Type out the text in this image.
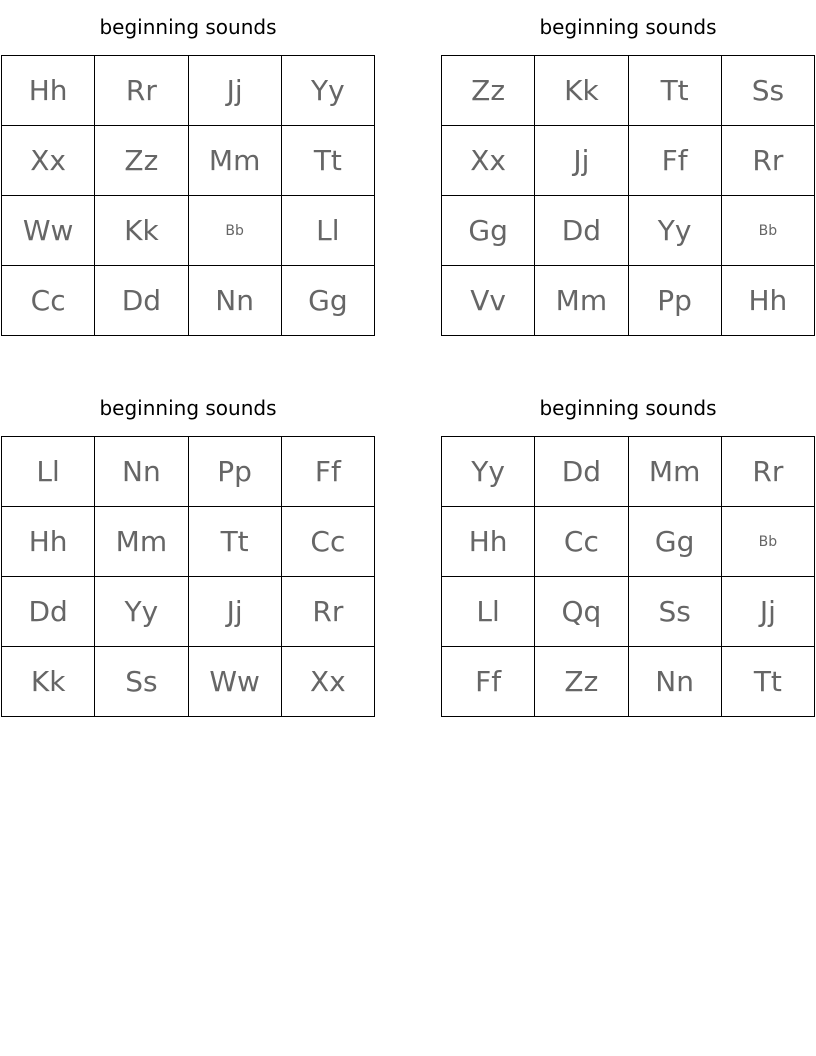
beginning sounds
Hh	Rr	Jj	Yy
Xx	Zz	Mm	Tt
Ww	Kk	Bb	Ll
Cc	Dd	Nn	Gg
beginning sounds
Zz	Kk	Tt	Ss
Xx	Jj	Ff	Rr
Gg	Dd	Yy	Bb
Vv	Mm	Pp	Hh
beginning sounds
Ll	Nn	Pp	Ff
Hh	Mm	Tt	Cc
Dd	Yy	Jj	Rr
Kk	Ss	Ww	Xx
beginning sounds
Yy	Dd	Mm	Rr
Hh	Cc	Gg	Bb
Ll	Qq	Ss	Jj
Ff	Zz	Nn	Tt
